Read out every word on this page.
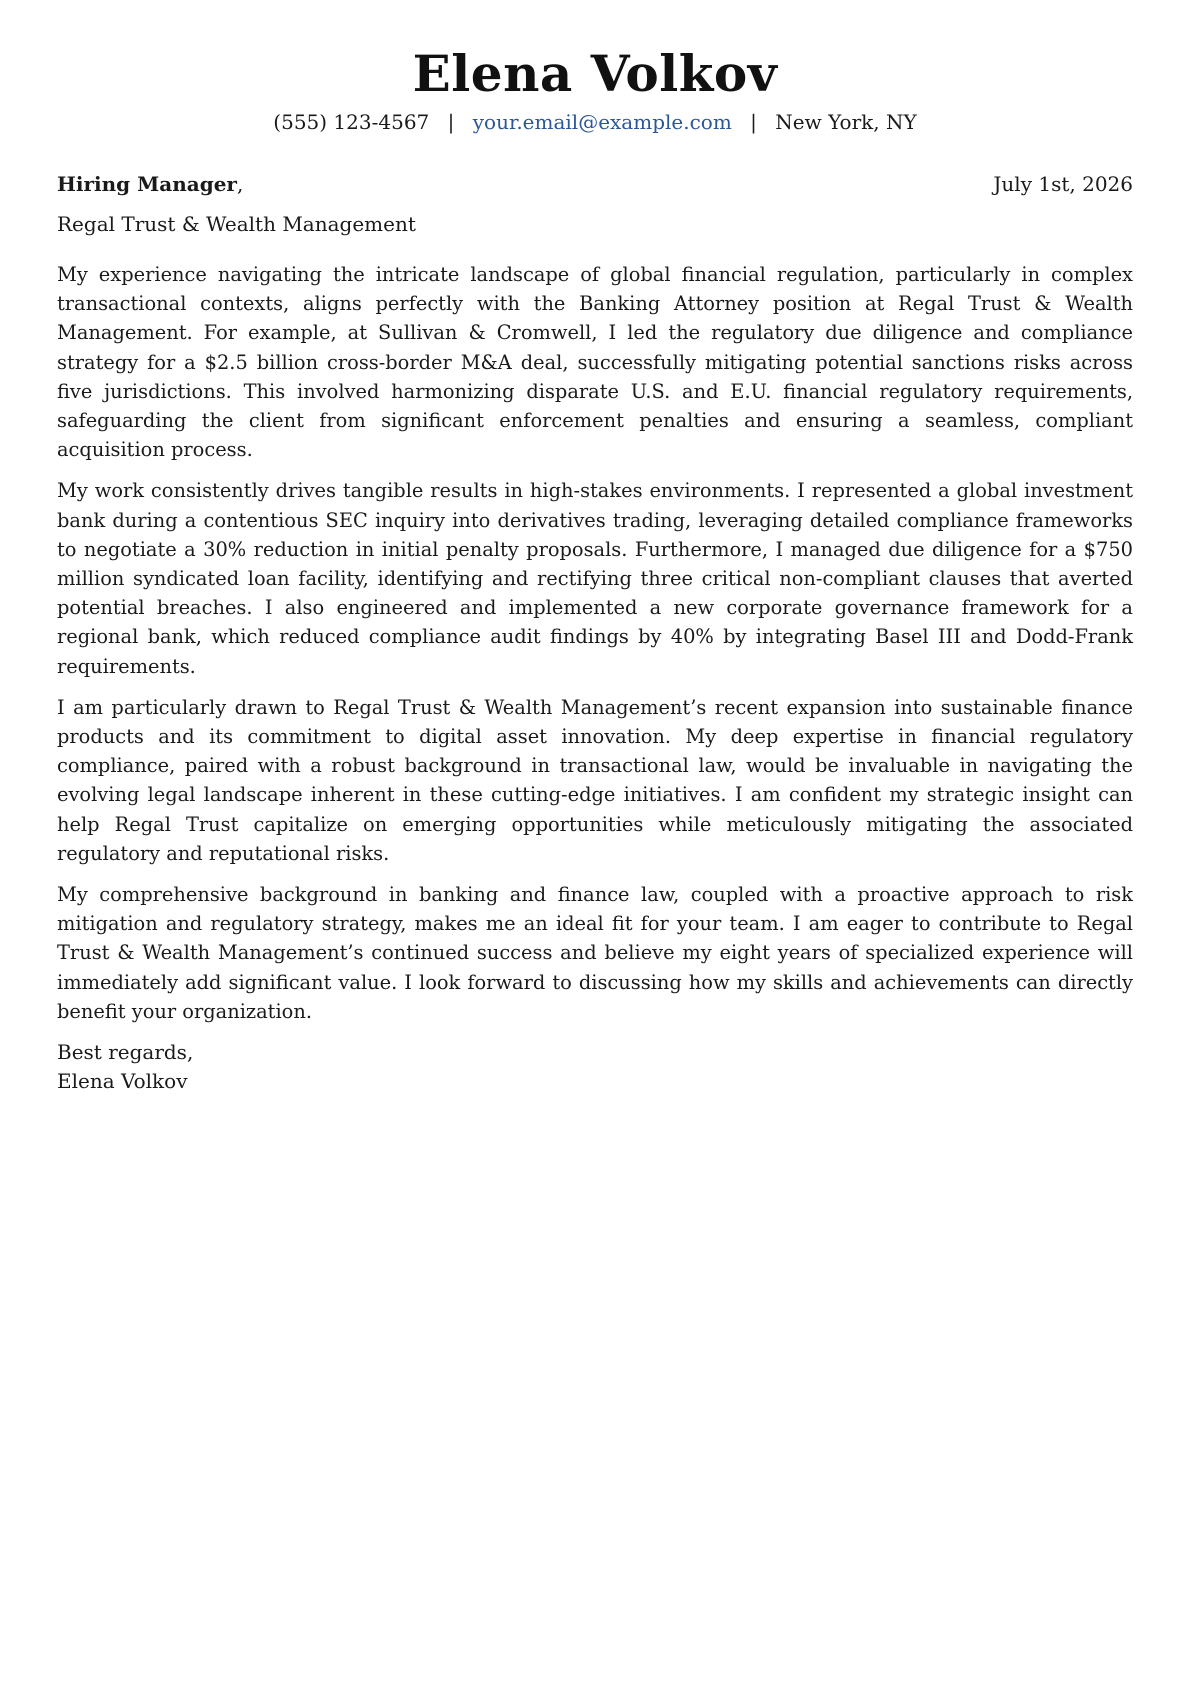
Elena Volkov
(555) 123-4567 | your.email@example.com | New York, NY
Hiring Manager,	July 1st, 2026
Regal Trust & Wealth Management

My experience navigating the intricate landscape of global financial regulation, particularly in complex transactional contexts, aligns perfectly with the Banking Attorney position at Regal Trust & Wealth Management. For example, at Sullivan & Cromwell, I led the regulatory due diligence and compliance strategy for a $2.5 billion cross-border M&A deal, successfully mitigating potential sanctions risks across five jurisdictions. This involved harmonizing disparate U.S. and E.U. financial regulatory requirements, safeguarding the client from significant enforcement penalties and ensuring a seamless, compliant acquisition process.

My work consistently drives tangible results in high-stakes environments. I represented a global investment bank during a contentious SEC inquiry into derivatives trading, leveraging detailed compliance frameworks to negotiate a 30% reduction in initial penalty proposals. Furthermore, I managed due diligence for a $750 million syndicated loan facility, identifying and rectifying three critical non-compliant clauses that averted potential breaches. I also engineered and implemented a new corporate governance framework for a regional bank, which reduced compliance audit findings by 40% by integrating Basel III and Dodd-Frank requirements.

I am particularly drawn to Regal Trust & Wealth Management’s recent expansion into sustainable finance products and its commitment to digital asset innovation. My deep expertise in financial regulatory compliance, paired with a robust background in transactional law, would be invaluable in navigating the evolving legal landscape inherent in these cutting-edge initiatives. I am confident my strategic insight can help Regal Trust capitalize on emerging opportunities while meticulously mitigating the associated regulatory and reputational risks.

My comprehensive background in banking and finance law, coupled with a proactive approach to risk mitigation and regulatory strategy, makes me an ideal fit for your team. I am eager to contribute to Regal Trust & Wealth Management’s continued success and believe my eight years of specialized experience will immediately add significant value. I look forward to discussing how my skills and achievements can directly benefit your organization.

Best regards,
Elena Volkov
